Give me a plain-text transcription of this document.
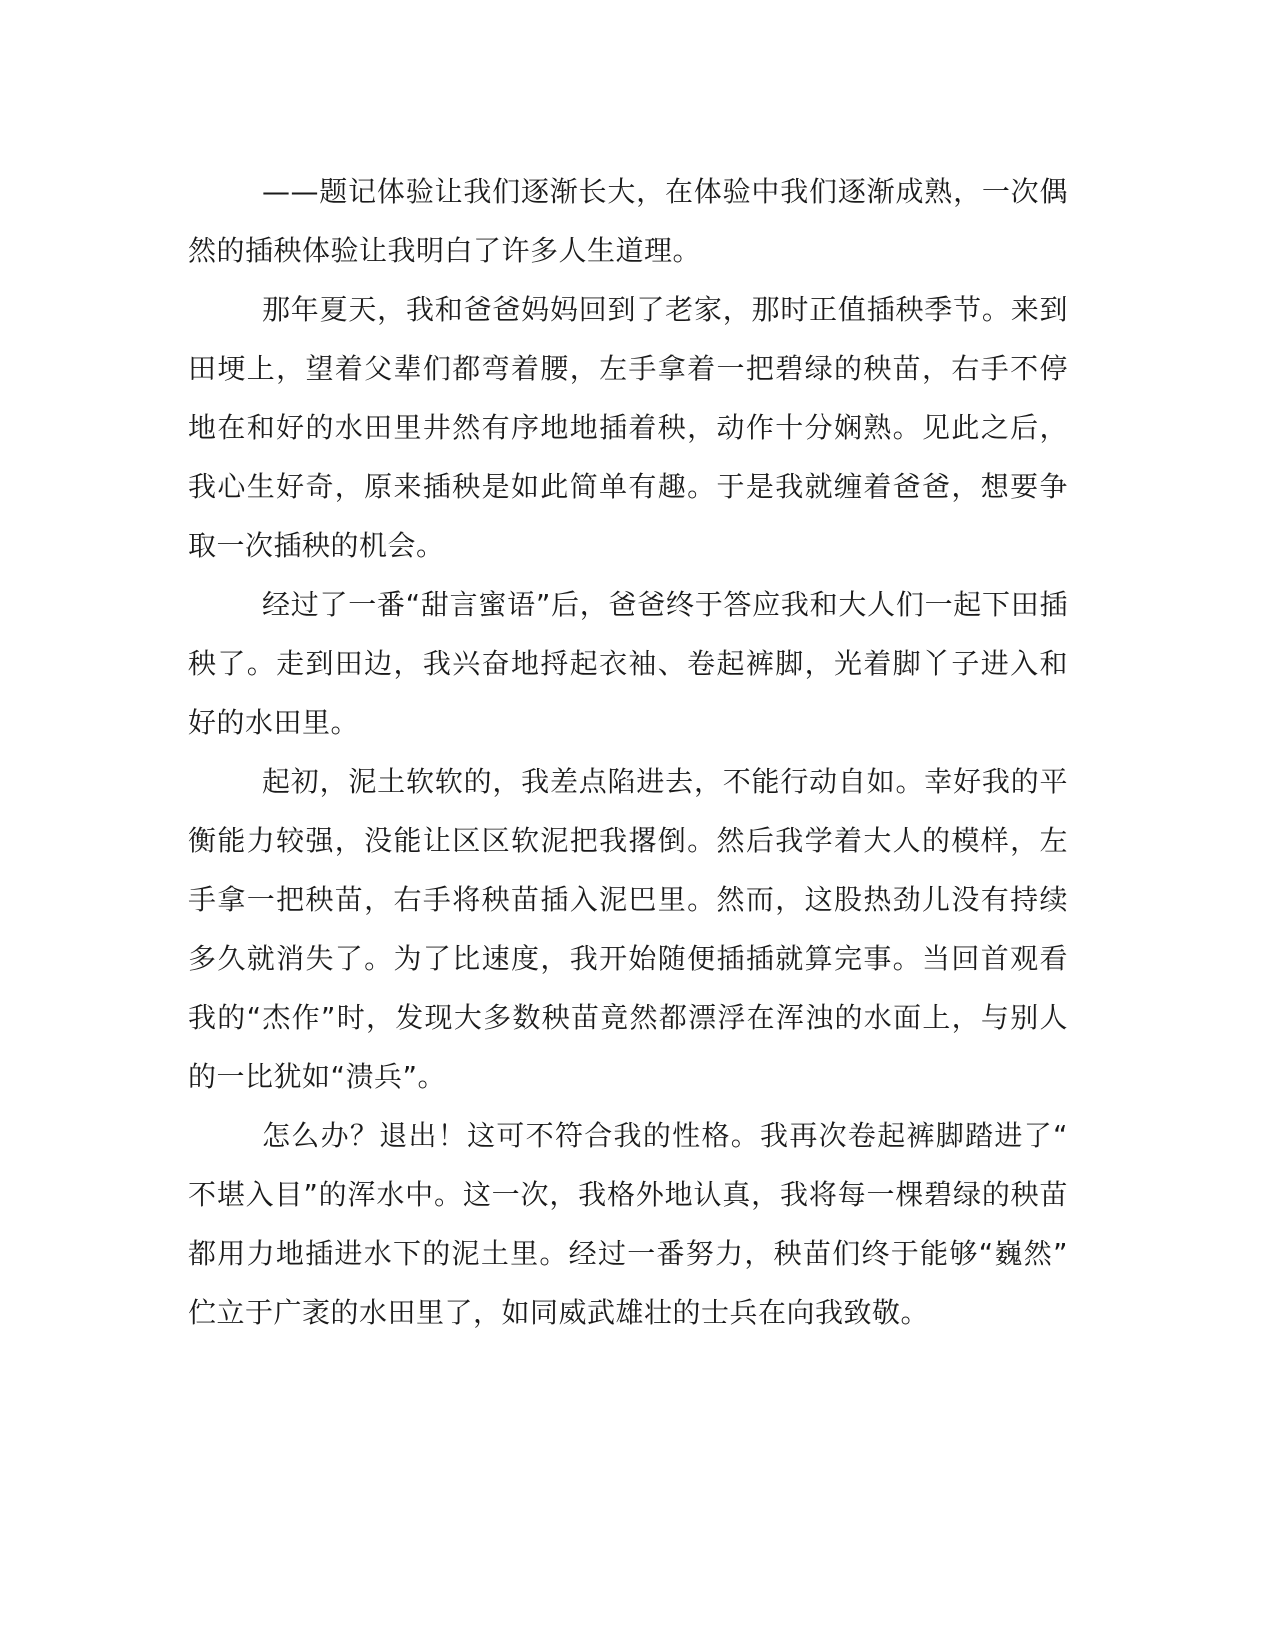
——题记体验让我们逐渐长大，在体验中我们逐渐成熟，一次偶
然的插秧体验让我明白了许多人生道理。
那年夏天，我和爸爸妈妈回到了老家，那时正值插秧季节。来到
田埂上，望着父辈们都弯着腰，左手拿着一把碧绿的秧苗，右手不停
地在和好的水田里井然有序地地插着秧，动作十分娴熟。见此之后，
我心生好奇，原来插秧是如此简单有趣。于是我就缠着爸爸，想要争
取一次插秧的机会。
经过了一番“甜言蜜语”后，爸爸终于答应我和大人们一起下田插
秧了。走到田边，我兴奋地捋起衣袖、卷起裤脚，光着脚丫子进入和
好的水田里。
起初，泥土软软的，我差点陷进去，不能行动自如。幸好我的平
衡能力较强，没能让区区软泥把我撂倒。然后我学着大人的模样，左
手拿一把秧苗，右手将秧苗插入泥巴里。然而，这股热劲儿没有持续
多久就消失了。为了比速度，我开始随便插插就算完事。当回首观看
我的“杰作”时，发现大多数秧苗竟然都漂浮在浑浊的水面上，与别人
的一比犹如“溃兵”。
怎么办？退出！这可不符合我的性格。我再次卷起裤脚踏进了“
不堪入目”的浑水中。这一次，我格外地认真，我将每一棵碧绿的秧苗
都用力地插进水下的泥土里。经过一番努力，秧苗们终于能够“巍然”
伫立于广袤的水田里了，如同威武雄壮的士兵在向我致敬。
